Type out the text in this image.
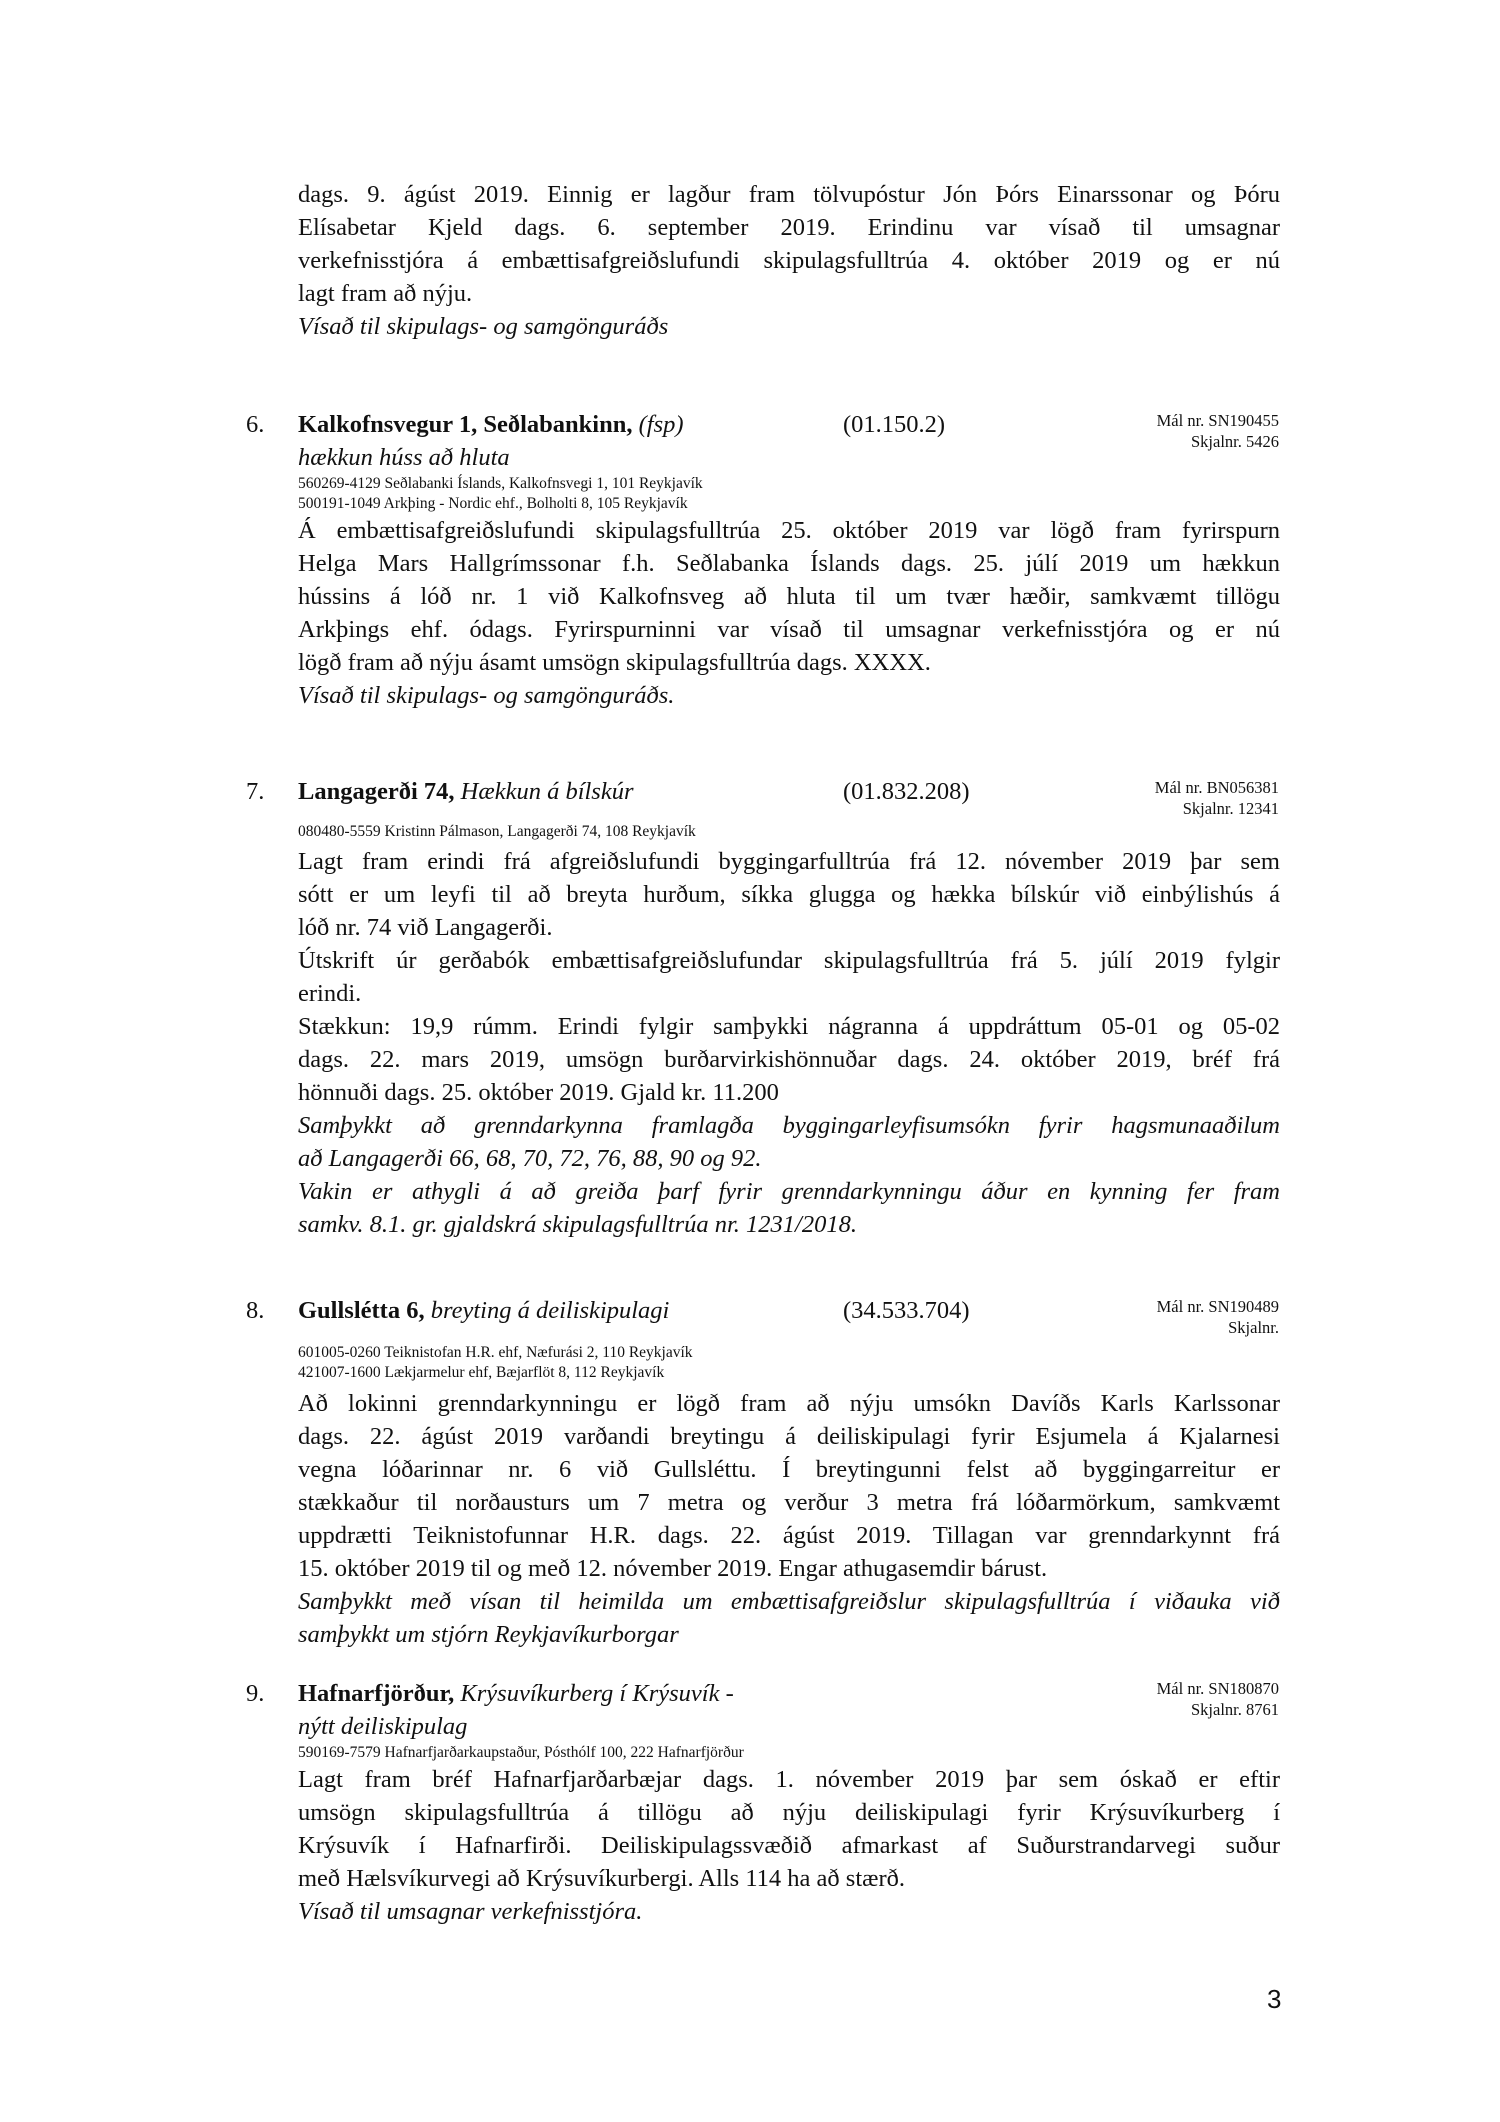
dags. 9. ágúst 2019. Einnig er lagður fram tölvupóstur Jón Þórs Einarssonar og Þóru
Elísabetar Kjeld dags. 6. september 2019. Erindinu var vísað til umsagnar
verkefnisstjóra á embættisafgreiðslufundi skipulagsfulltrúa 4. október 2019 og er nú
lagt fram að nýju.
Vísað til skipulags- og samgönguráðs
6. Kalkofnsvegur 1, Seðlabankinn, (fsp)	(01.150.2)	Mál nr. SN190455
Skjalnr. 5426
hækkun húss að hluta
560269-4129 Seðlabanki Íslands, Kalkofnsvegi 1, 101 Reykjavík
500191-1049 Arkþing - Nordic ehf., Bolholti 8, 105 Reykjavík
Á embættisafgreiðslufundi skipulagsfulltrúa 25. október 2019 var lögð fram fyrirspurn
Helga Mars Hallgrímssonar f.h. Seðlabanka Íslands dags. 25. júlí 2019 um hækkun
hússins á lóð nr. 1 við Kalkofnsveg að hluta til um tvær hæðir, samkvæmt tillögu
Arkþings ehf. ódags. Fyrirspurninni var vísað til umsagnar verkefnisstjóra og er nú
lögð fram að nýju ásamt umsögn skipulagsfulltrúa dags. XXXX.
Vísað til skipulags- og samgönguráðs.
7. Langagerði 74, Hækkun á bílskúr	(01.832.208)	Mál nr. BN056381
Skjalnr. 12341
080480-5559 Kristinn Pálmason, Langagerði 74, 108 Reykjavík
Lagt fram erindi frá afgreiðslufundi byggingarfulltrúa frá 12. nóvember 2019 þar sem
sótt er um leyfi til að breyta hurðum, síkka glugga og hækka bílskúr við einbýlishús á
lóð nr. 74 við Langagerði.
Útskrift úr gerðabók embættisafgreiðslufundar skipulagsfulltrúa frá 5. júlí 2019 fylgir
erindi.
Stækkun: 19,9 rúmm. Erindi fylgir samþykki nágranna á uppdráttum 05-01 og 05-02
dags. 22. mars 2019, umsögn burðarvirkishönnuðar dags. 24. október 2019, bréf frá
hönnuði dags. 25. október 2019. Gjald kr. 11.200
Samþykkt að grenndarkynna framlagða byggingarleyfisumsókn fyrir hagsmunaaðilum
að Langagerði 66, 68, 70, 72, 76, 88, 90 og 92.
Vakin er athygli á að greiða þarf fyrir grenndarkynningu áður en kynning fer fram
samkv. 8.1. gr. gjaldskrá skipulagsfulltrúa nr. 1231/2018.
8. Gullslétta 6, breyting á deiliskipulagi	(34.533.704)	Mál nr. SN190489
Skjalnr.
601005-0260 Teiknistofan H.R. ehf, Næfurási 2, 110 Reykjavík
421007-1600 Lækjarmelur ehf, Bæjarflöt 8, 112 Reykjavík
Að lokinni grenndarkynningu er lögð fram að nýju umsókn Davíðs Karls Karlssonar
dags. 22. ágúst 2019 varðandi breytingu á deiliskipulagi fyrir Esjumela á Kjalarnesi
vegna lóðarinnar nr. 6 við Gullsléttu. Í breytingunni felst að byggingarreitur er
stækkaður til norðausturs um 7 metra og verður 3 metra frá lóðarmörkum, samkvæmt
uppdrætti Teiknistofunnar H.R. dags. 22. ágúst 2019. Tillagan var grenndarkynnt frá
15. október 2019 til og með 12. nóvember 2019. Engar athugasemdir bárust.
Samþykkt með vísan til heimilda um embættisafgreiðslur skipulagsfulltrúa í viðauka við
samþykkt um stjórn Reykjavíkurborgar
9. Hafnarfjörður, Krýsuvíkurberg í Krýsuvík -	Mál nr. SN180870
Skjalnr. 8761
nýtt deiliskipulag
590169-7579 Hafnarfjarðarkaupstaður, Pósthólf 100, 222 Hafnarfjörður
Lagt fram bréf Hafnarfjarðarbæjar dags. 1. nóvember 2019 þar sem óskað er eftir
umsögn skipulagsfulltrúa á tillögu að nýju deiliskipulagi fyrir Krýsuvíkurberg í
Krýsuvík í Hafnarfirði. Deiliskipulagssvæðið afmarkast af Suðurstrandarvegi suður
með Hælsvíkurvegi að Krýsuvíkurbergi. Alls 114 ha að stærð.
Vísað til umsagnar verkefnisstjóra.
3
